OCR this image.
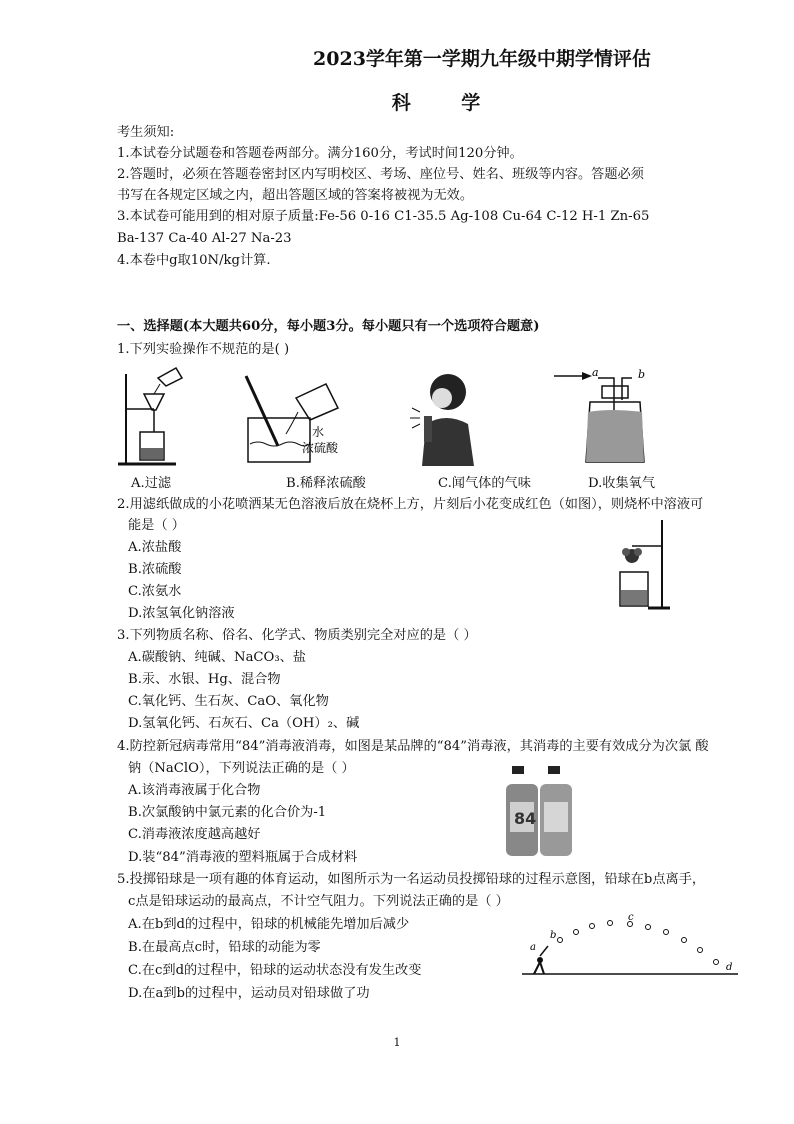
2023学年第一学期九年级中期学情评估
科 学
考生须知:
1.本试卷分试题卷和答题卷两部分。满分160分，考试时间120分钟。
2.答题时，必须在答题卷密封区内写明校区、考场、座位号、姓名、班级等内容。答题必须
书写在各规定区域之内，超出答题区域的答案将被视为无效。
3.本试卷可能用到的相对原子质量:Fe-56 0-16 C1-35.5 Ag-108 Cu-64 C-12 H-1 Zn-65
Ba-137 Ca-40 Al-27 Na-23
4.本卷中g取10N/kg计算.
一、选择题(本大题共60分，每小题3分。每小题只有一个选项符合题意)
1.下列实验操作不规范的是( )
水
浓硫酸
a	b
A.过滤	B.稀释浓硫酸	C.闻气体的气味	D.收集氧气
2.用滤纸做成的小花喷洒某无色溶液后放在烧杯上方，片刻后小花变成红色（如图），则烧杯中溶液可
能是（ ）
A.浓盐酸
B.浓硫酸
C.浓氨水
D.浓氢氧化钠溶液
3.下列物质名称、俗名、化学式、物质类别完全对应的是（ ）
A.碳酸钠、纯碱、NaCO₃、盐
B.汞、水银、Hg、混合物
C.氧化钙、生石灰、CaO、氧化物
D.氢氧化钙、石灰石、Ca（OH）₂、碱
4.防控新冠病毒常用“84”消毒液消毒，如图是某品牌的“84”消毒液，其消毒的主要有效成分为次氯 酸
钠（NaClO），下列说法正确的是（ ）
A.该消毒液属于化合物
B.次氯酸钠中氯元素的化合价为-1
C.消毒液浓度越高越好
D.装“84”消毒液的塑料瓶属于合成材料
84
5.投掷铅球是一项有趣的体育运动，如图所示为一名运动员投掷铅球的过程示意图，铅球在b点离手，
c点是铅球运动的最高点，不计空气阻力。下列说法正确的是（ ）
A.在b到d的过程中，铅球的机械能先增加后减少
B.在最高点c时，铅球的动能为零
C.在c到d的过程中，铅球的运动状态没有发生改变
D.在a到b的过程中，运动员对铅球做了功
a
b
c
d
1
